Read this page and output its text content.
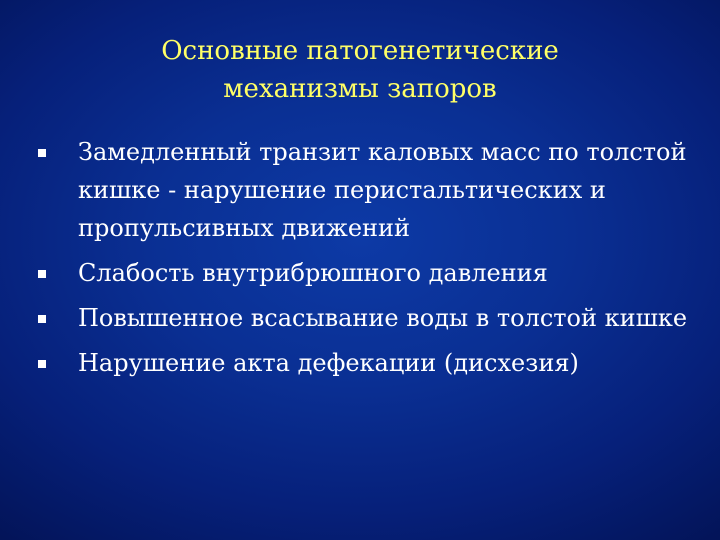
Основные патогенетические
механизмы запоров
Замедленный транзит каловых масс по толстой кишке - нарушение перистальтических и пропульсивных движений
Слабость внутрибрюшного давления
Повышенное всасывание воды в толстой кишке
Нарушение акта дефекации (дисхезия)
